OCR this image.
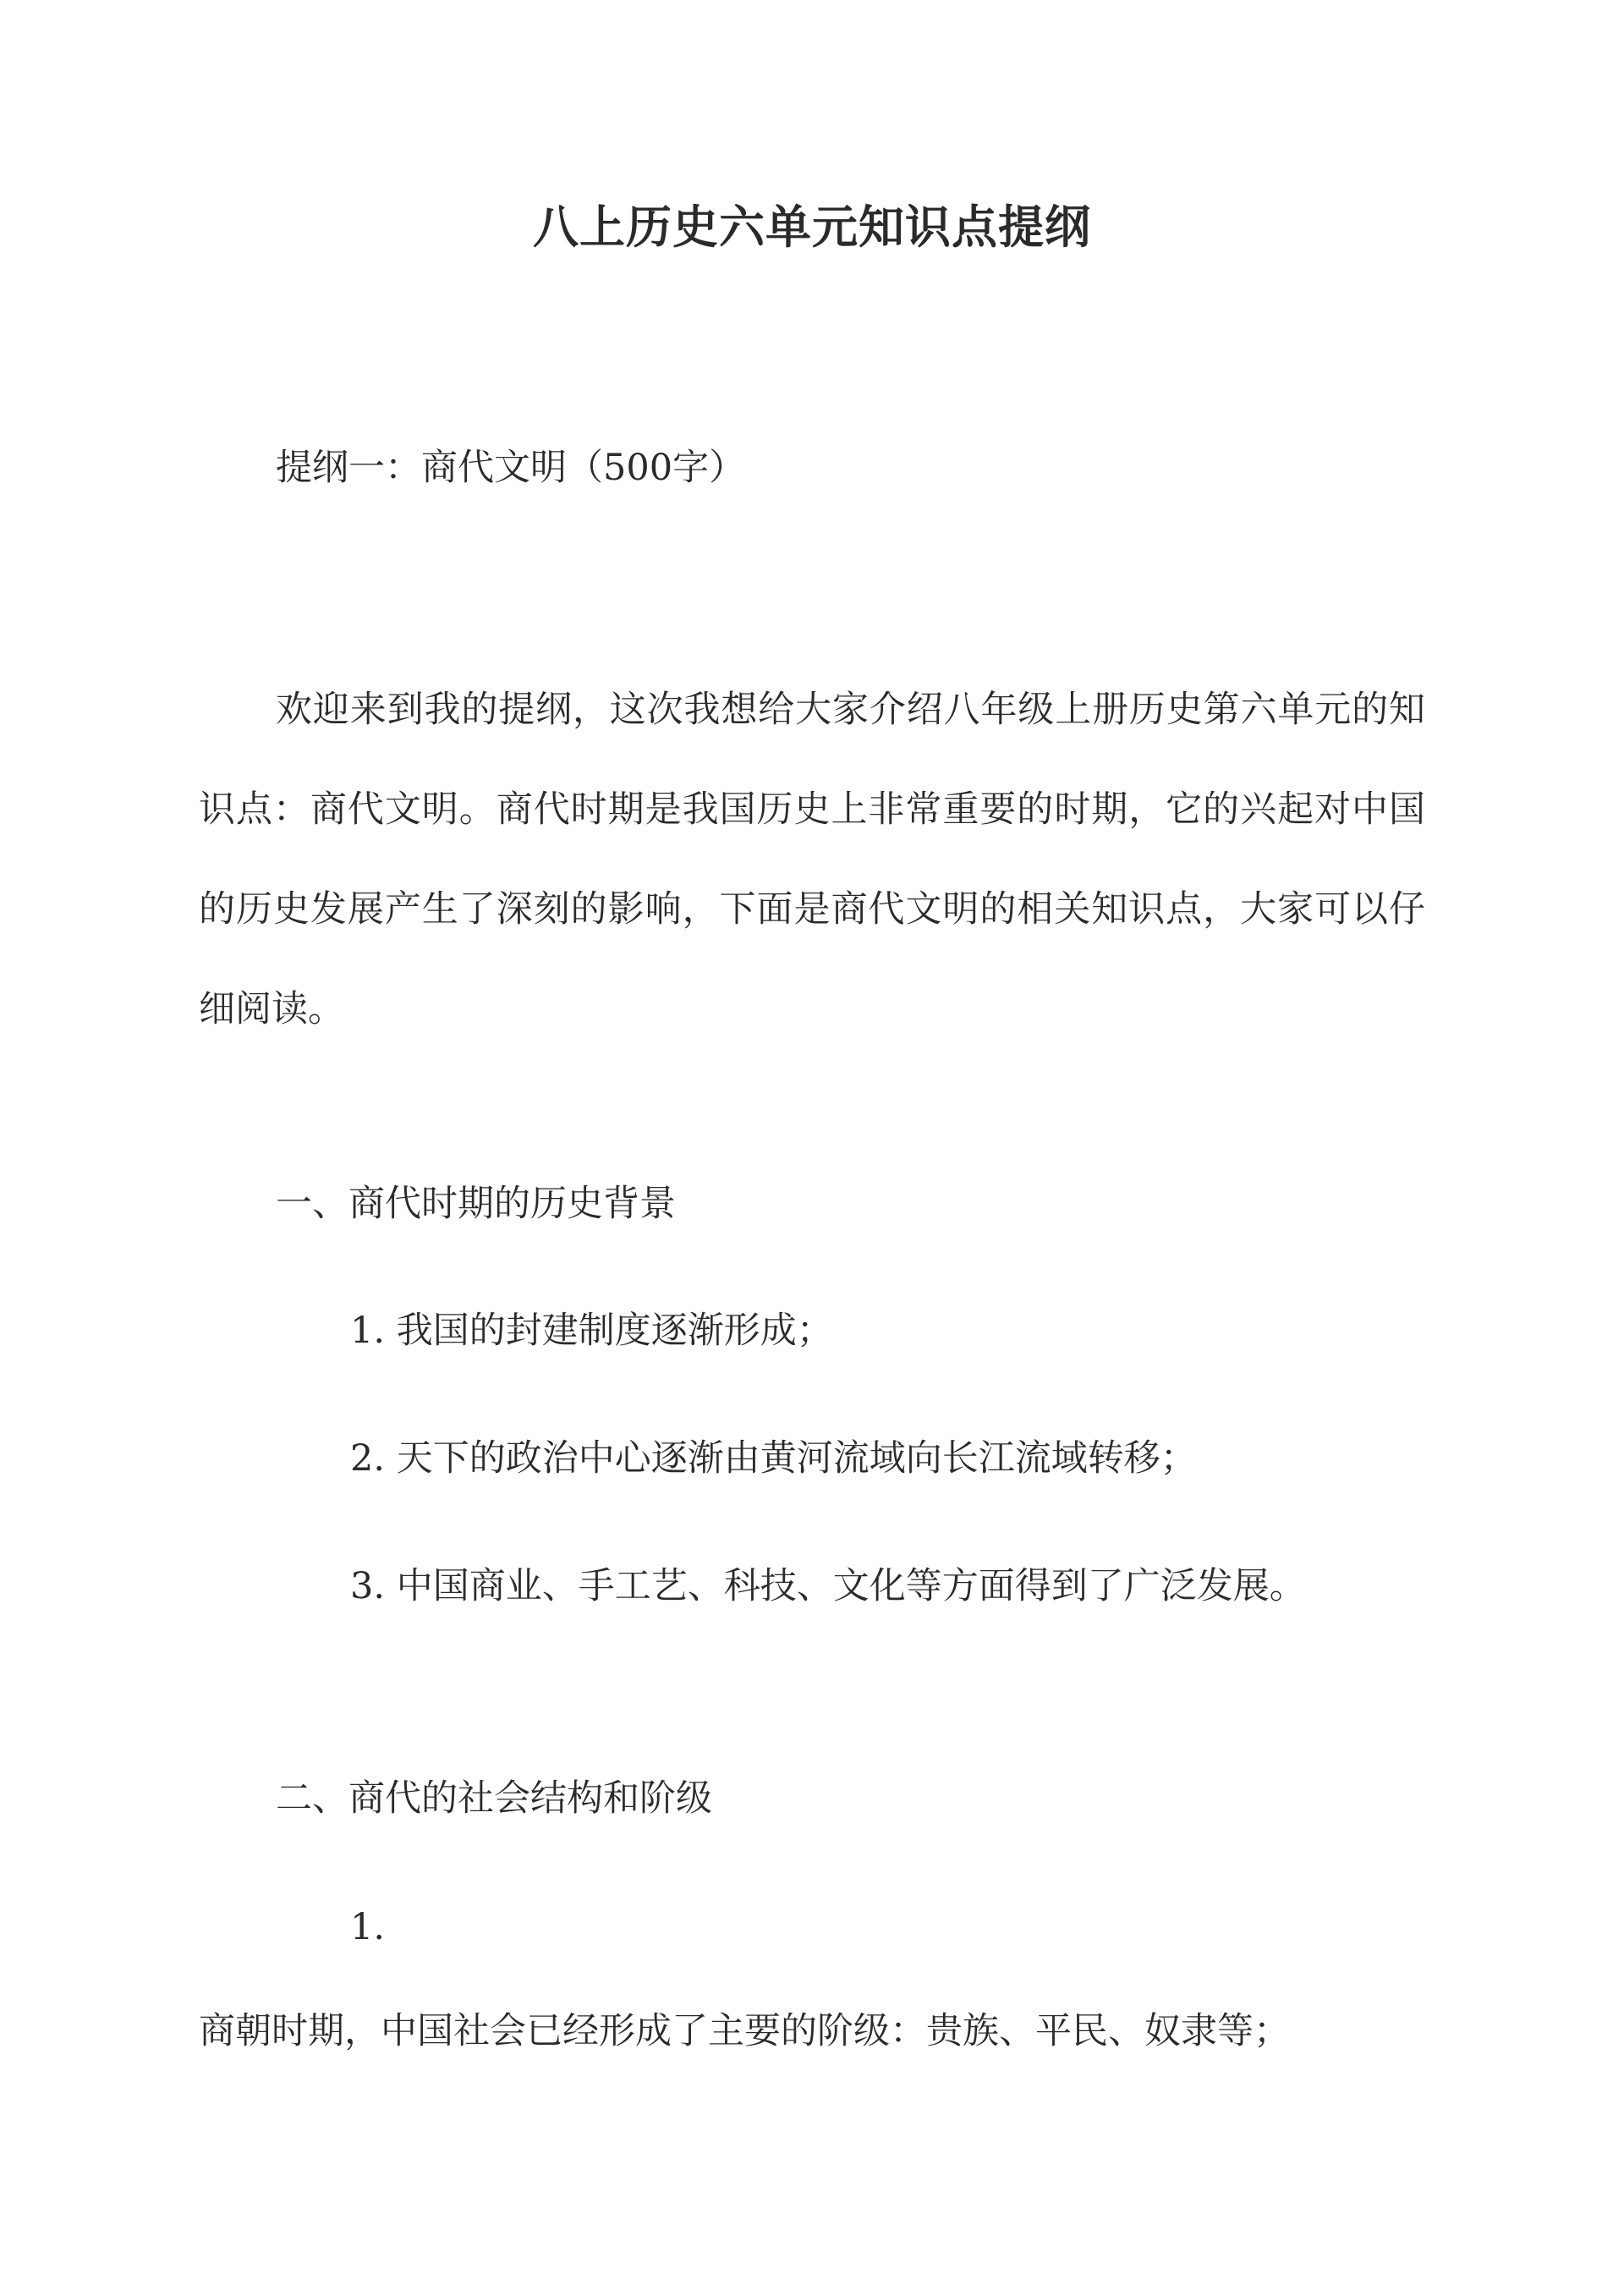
八上历史六单元知识点提纲

提纲一：商代文明（500字）

欢迎来到我的提纲，这次我想给大家介绍八年级上册历史第六单元的知识点：商代文明。商代时期是我国历史上非常重要的时期，它的兴起对中国的历史发展产生了深刻的影响，下面是商代文明的相关知识点，大家可以仔细阅读。

一、商代时期的历史背景

1. 我国的封建制度逐渐形成；

2. 天下的政治中心逐渐由黄河流域向长江流域转移；

3. 中国商业、手工艺、科技、文化等方面得到了广泛发展。

二、商代的社会结构和阶级

1.

商朝时期，中国社会已经形成了主要的阶级：贵族、平民、奴隶等；
